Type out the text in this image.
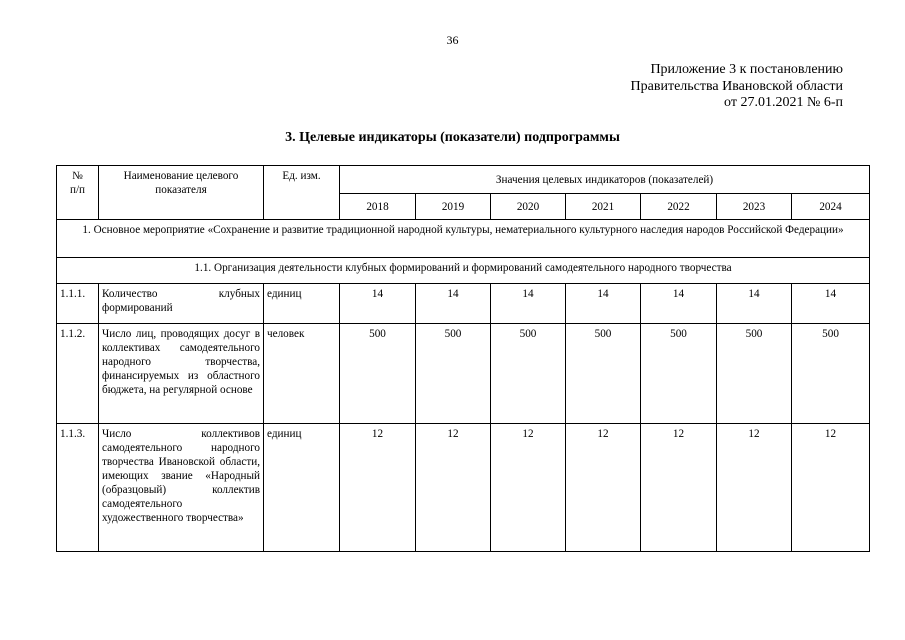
36
Приложение 3 к постановлению
Правительства Ивановской области
от 27.01.2021 № 6-п
3. Целевые индикаторы (показатели) подпрограммы
№
п/п	Наименование целевого показателя	Ед. изм.	Значения целевых индикаторов (показателей)						
			2018	2019	2020	2021	2022	2023	2024
1. Основное мероприятие «Сохранение и развитие традиционной народной культуры, нематериального культурного наследия народов Российской Федерации»									
1.1. Организация деятельности клубных формирований и формирований самодеятельного народного творчества									
1.1.1.	Количество клубных формирований	единиц	14	14	14	14	14	14	14
1.1.2.	Число лиц, проводящих досуг в коллективах самодеятельного народного творчества, финансируемых из областного бюджета, на регулярной основе	человек	500	500	500	500	500	500	500
1.1.3.	Число коллективов самодеятельного народного творчества Ивановской области, имеющих звание «Народный (образцовый) коллектив самодеятельного художественного творчества»	единиц	12	12	12	12	12	12	12
